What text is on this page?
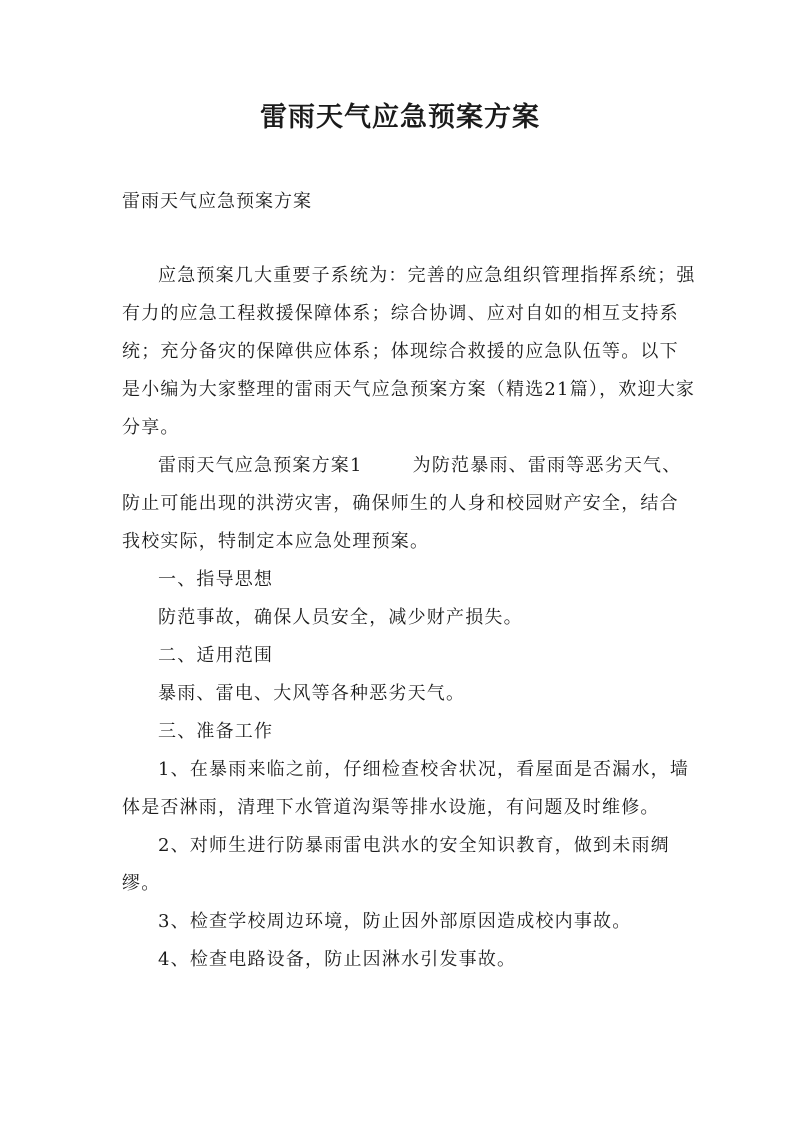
雷雨天气应急预案方案
雷雨天气应急预案方案

应急预案几大重要子系统为：完善的应急组织管理指挥系统；强有力的应急工程救援保障体系；综合协调、应对自如的相互支持系统；充分备灾的保障供应体系；体现综合救援的应急队伍等。以下是小编为大家整理的雷雨天气应急预案方案（精选21篇），欢迎大家分享。

雷雨天气应急预案方案1	为防范暴雨、雷雨等恶劣天气、防止可能出现的洪涝灾害，确保师生的人身和校园财产安全，结合我校实际，特制定本应急处理预案。

一、指导思想

防范事故，确保人员安全，减少财产损失。

二、适用范围

暴雨、雷电、大风等各种恶劣天气。

三、准备工作

1、在暴雨来临之前，仔细检查校舍状况，看屋面是否漏水，墙体是否淋雨，清理下水管道沟渠等排水设施，有问题及时维修。

2、对师生进行防暴雨雷电洪水的安全知识教育，做到未雨绸缪。

3、检查学校周边环境，防止因外部原因造成校内事故。

4、检查电路设备，防止因淋水引发事故。
